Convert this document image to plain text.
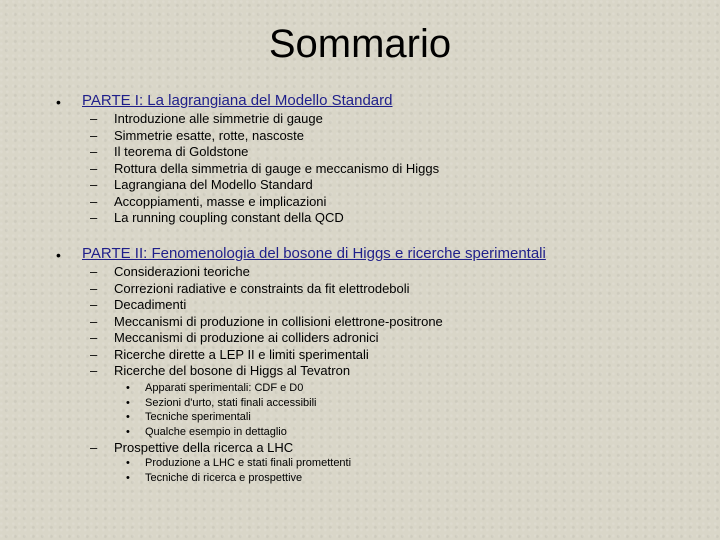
Sommario
• PARTE I: La lagrangiana del Modello Standard
–	Introduzione alle simmetrie di gauge
–	Simmetrie esatte, rotte, nascoste
–	Il teorema di Goldstone
–	Rottura della simmetria di gauge e meccanismo di Higgs
–	Lagrangiana del Modello Standard
–	Accoppiamenti, masse e implicazioni
–	La running coupling constant della QCD
• PARTE II: Fenomenologia del bosone di Higgs e ricerche sperimentali
–	Considerazioni teoriche
–	Correzioni radiative e constraints da fit elettrodeboli
–	Decadimenti
–	Meccanismi di produzione in collisioni elettrone-positrone
–	Meccanismi di produzione ai colliders adronici
–	Ricerche dirette a LEP II e limiti sperimentali
–	Ricerche del bosone di Higgs al Tevatron
• Apparati sperimentali: CDF e D0
• Sezioni d'urto, stati finali accessibili
• Tecniche sperimentali
• Qualche esempio in dettaglio
–	Prospettive della ricerca a LHC
• Produzione a LHC e stati finali promettenti
• Tecniche di ricerca e prospettive
